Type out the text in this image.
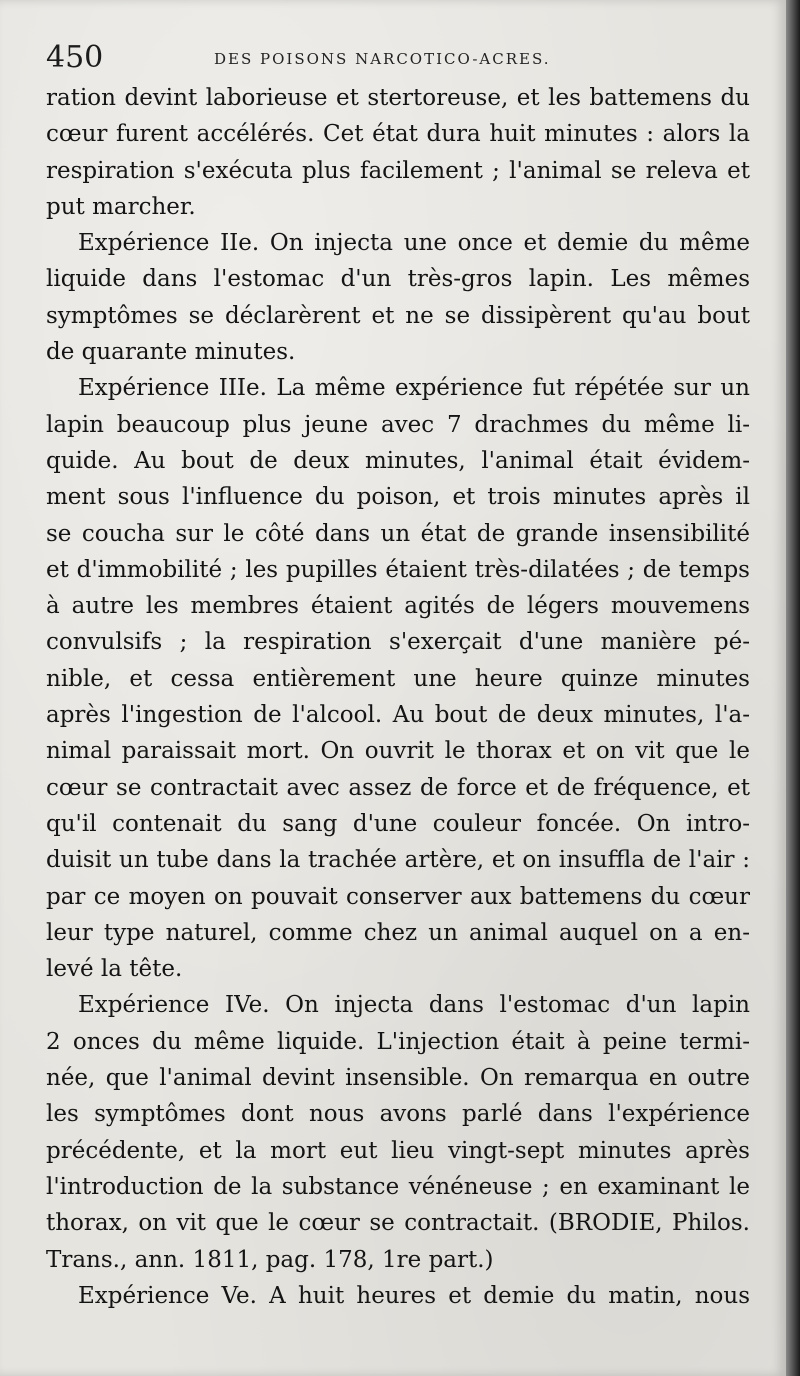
450	DES POISONS NARCOTICO-ACRES.
ration devint laborieuse et stertoreuse, et les battemens du
cœur furent accélérés. Cet état dura huit minutes : alors la
respiration s'exécuta plus facilement ; l'animal se releva et
put marcher.
Expérience IIe. On injecta une once et demie du même
liquide dans l'estomac d'un très-gros lapin. Les mêmes
symptômes se déclarèrent et ne se dissipèrent qu'au bout
de quarante minutes.
Expérience IIIe. La même expérience fut répétée sur un
lapin beaucoup plus jeune avec 7 drachmes du même li-
quide. Au bout de deux minutes, l'animal était évidem-
ment sous l'influence du poison, et trois minutes après il
se coucha sur le côté dans un état de grande insensibilité
et d'immobilité ; les pupilles étaient très-dilatées ; de temps
à autre les membres étaient agités de légers mouvemens
convulsifs ; la respiration s'exerçait d'une manière pé-
nible, et cessa entièrement une heure quinze minutes
après l'ingestion de l'alcool. Au bout de deux minutes, l'a-
nimal paraissait mort. On ouvrit le thorax et on vit que le
cœur se contractait avec assez de force et de fréquence, et
qu'il contenait du sang d'une couleur foncée. On intro-
duisit un tube dans la trachée artère, et on insuffla de l'air :
par ce moyen on pouvait conserver aux battemens du cœur
leur type naturel, comme chez un animal auquel on a en-
levé la tête.
Expérience IVe. On injecta dans l'estomac d'un lapin
2 onces du même liquide. L'injection était à peine termi-
née, que l'animal devint insensible. On remarqua en outre
les symptômes dont nous avons parlé dans l'expérience
précédente, et la mort eut lieu vingt-sept minutes après
l'introduction de la substance vénéneuse ; en examinant le
thorax, on vit que le cœur se contractait. (BRODIE, Philos.
Trans., ann. 1811, pag. 178, 1re part.)
Expérience Ve. A huit heures et demie du matin, nous
